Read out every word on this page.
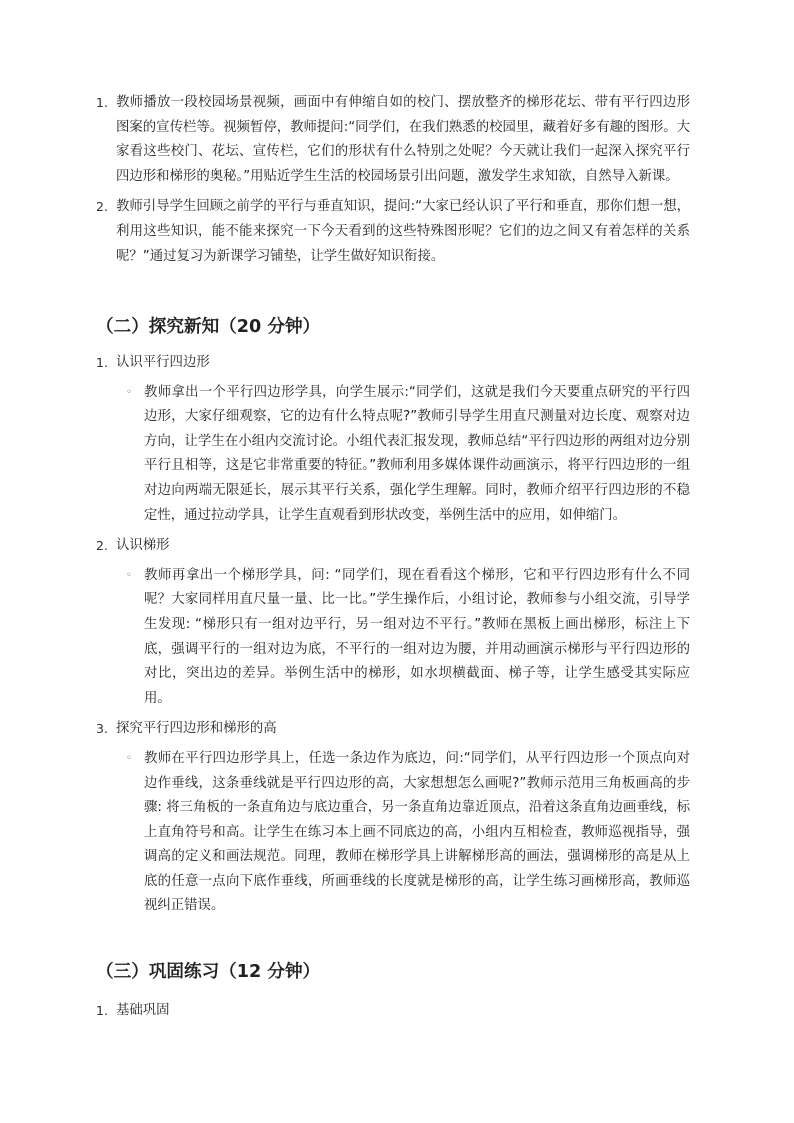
1. 教师播放一段校园场景视频，画面中有伸缩自如的校门、摆放整齐的梯形花坛、带有平行四边形图案的宣传栏等。视频暂停，教师提问:“同学们，在我们熟悉的校园里，藏着好多有趣的图形。大家看这些校门、花坛、宣传栏，它们的形状有什么特别之处呢？今天就让我们一起深入探究平行四边形和梯形的奥秘。”用贴近学生生活的校园场景引出问题，激发学生求知欲，自然导入新课。
2. 教师引导学生回顾之前学的平行与垂直知识，提问:“大家已经认识了平行和垂直，那你们想一想，利用这些知识，能不能来探究一下今天看到的这些特殊图形呢？它们的边之间又有着怎样的关系呢？”通过复习为新课学习铺垫，让学生做好知识衔接。
（二）探究新知（20 分钟）
1. 认识平行四边形
◦ 教师拿出一个平行四边形学具，向学生展示:“同学们，这就是我们今天要重点研究的平行四边形，大家仔细观察，它的边有什么特点呢?”教师引导学生用直尺测量对边长度、观察对边方向，让学生在小组内交流讨论。小组代表汇报发现，教师总结“平行四边形的两组对边分别平行且相等，这是它非常重要的特征。”教师利用多媒体课件动画演示，将平行四边形的一组对边向两端无限延长，展示其平行关系，强化学生理解。同时，教师介绍平行四边形的不稳定性，通过拉动学具，让学生直观看到形状改变，举例生活中的应用，如伸缩门。
2. 认识梯形
◦ 教师再拿出一个梯形学具，问: “同学们，现在看看这个梯形，它和平行四边形有什么不同呢？大家同样用直尺量一量、比一比。”学生操作后，小组讨论，教师参与小组交流，引导学生发现: “梯形只有一组对边平行，另一组对边不平行。”教师在黑板上画出梯形，标注上下底，强调平行的一组对边为底，不平行的一组对边为腰，并用动画演示梯形与平行四边形的对比，突出边的差异。举例生活中的梯形，如水坝横截面、梯子等，让学生感受其实际应用。
3. 探究平行四边形和梯形的高
◦ 教师在平行四边形学具上，任选一条边作为底边，问:“同学们，从平行四边形一个顶点向对边作垂线，这条垂线就是平行四边形的高，大家想想怎么画呢?”教师示范用三角板画高的步骤: 将三角板的一条直角边与底边重合，另一条直角边靠近顶点，沿着这条直角边画垂线，标上直角符号和高。让学生在练习本上画不同底边的高，小组内互相检查，教师巡视指导，强调高的定义和画法规范。同理，教师在梯形学具上讲解梯形高的画法，强调梯形的高是从上底的任意一点向下底作垂线，所画垂线的长度就是梯形的高，让学生练习画梯形高，教师巡视纠正错误。
（三）巩固练习（12 分钟）
1. 基础巩固
